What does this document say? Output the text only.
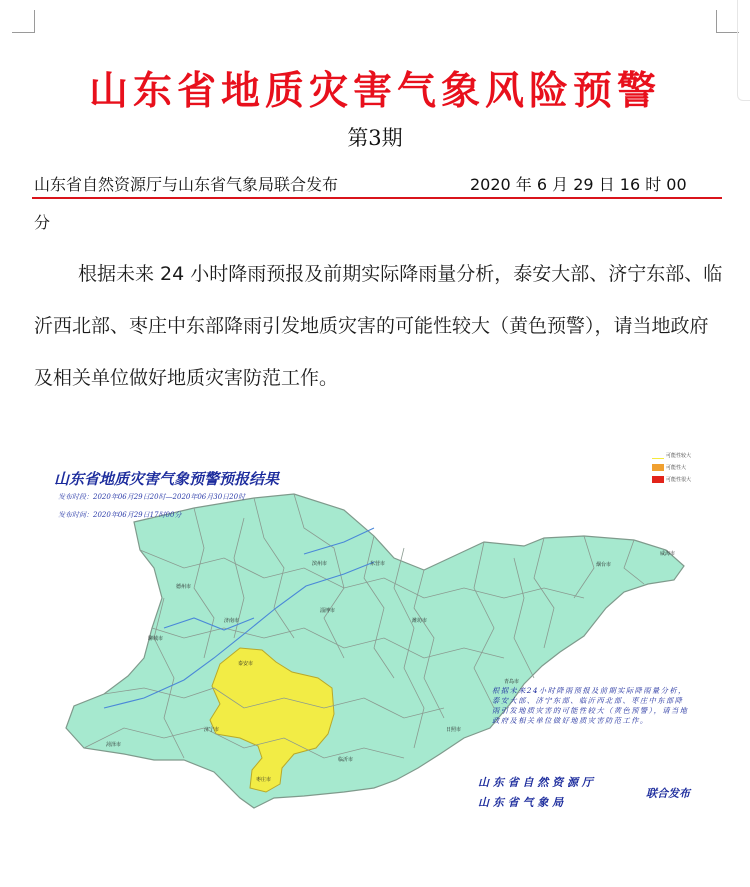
山东省地质灾害气象风险预警
第3期
山东省自然资源厅与山东省气象局联合发布	2020 年 6 月 29 日 16 时 00
分
根据未来 24 小时降雨预报及前期实际降雨量分析，泰安大部、济宁东部、临沂西北部、枣庄中东部降雨引发地质灾害的可能性较大（黄色预警），请当地政府及相关单位做好地质灾害防范工作。
山东省地质灾害气象预警预报结果
发布时段：2020年06月29日20时—2020年06月30日20时
发布时间：2020年06月29日17时00分
可能性较大
可能性大
可能性很大
德州市
滨州市	东营市	烟台市
威海市
潍坊市
淄博市
济南市
聊城市
泰安市
青岛市
日照市
临沂市
济宁市
枣庄市
菏泽市
根据未来24小时降雨预报及前期实际降雨量分析，泰安大部、济宁东部、临沂西北部、枣庄中东部降雨引发地质灾害的可能性较大（黄色预警），请当地政府及相关单位做好地质灾害防范工作。
山 东 省 自 然 资 源 厅
山 东 省 气 象 局
联合发布
